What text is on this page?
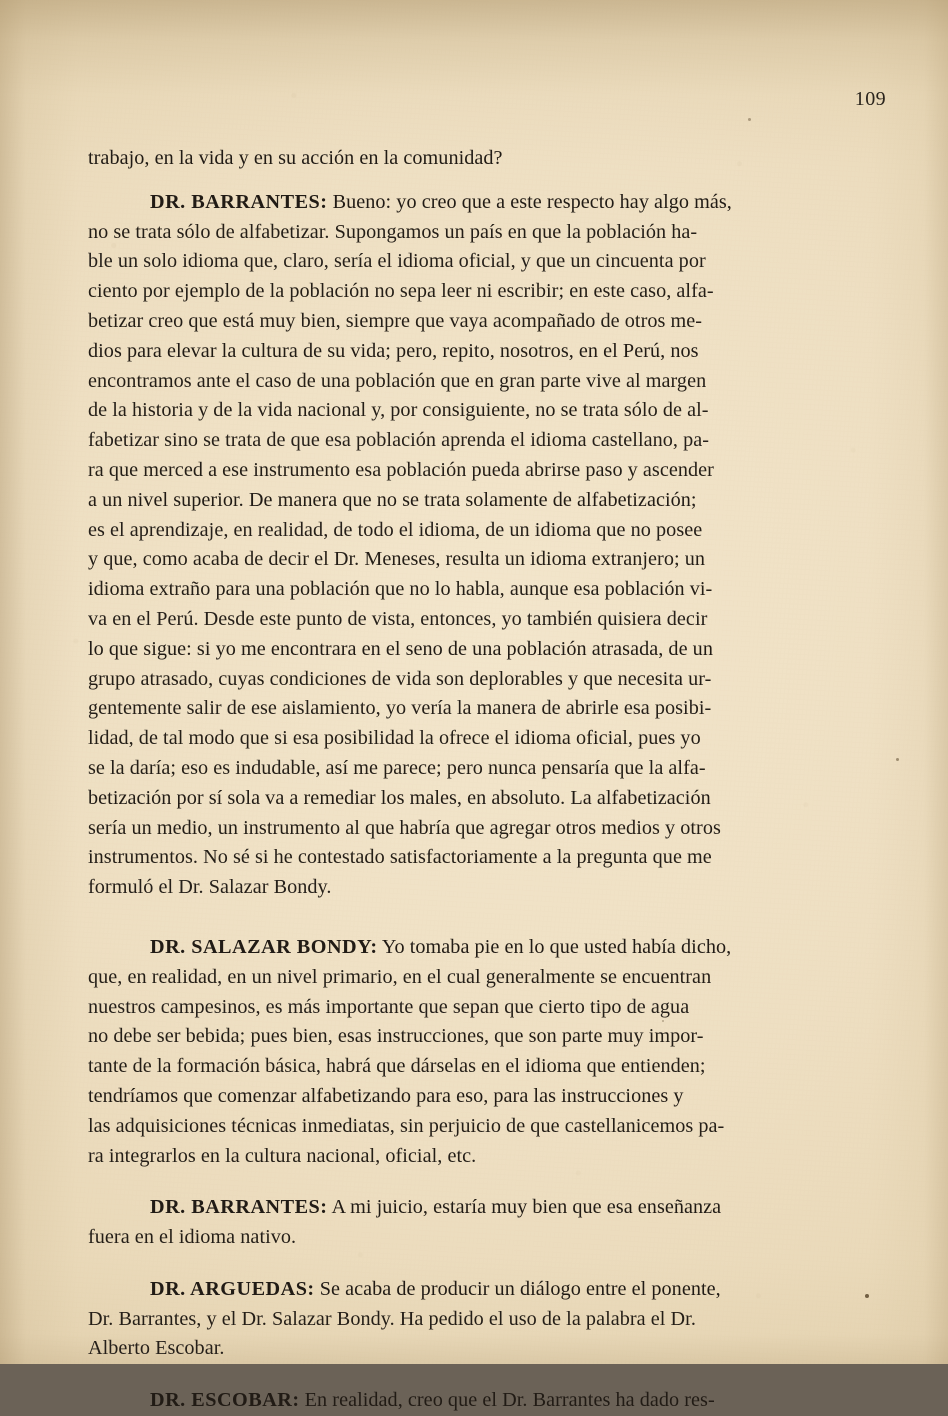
109
trabajo, en la vida y en su acción en la comunidad?
DR. BARRANTES: Bueno: yo creo que a este respecto hay algo más,
no se trata sólo de alfabetizar. Supongamos un país en que la población ha-
ble un solo idioma que, claro, sería el idioma oficial, y que un cincuenta por
ciento por ejemplo de la población no sepa leer ni escribir; en este caso, alfa-
betizar creo que está muy bien, siempre que vaya acompañado de otros me-
dios para elevar la cultura de su vida; pero, repito, nosotros, en el Perú, nos
encontramos ante el caso de una población que en gran parte vive al margen
de la historia y de la vida nacional y, por consiguiente, no se trata sólo de al-
fabetizar sino se trata de que esa población aprenda el idioma castellano, pa-
ra que merced a ese instrumento esa población pueda abrirse paso y ascender
a un nivel superior. De manera que no se trata solamente de alfabetización;
es el aprendizaje, en realidad, de todo el idioma, de un idioma que no posee
y que, como acaba de decir el Dr. Meneses, resulta un idioma extranjero; un
idioma extraño para una población que no lo habla, aunque esa población vi-
va en el Perú. Desde este punto de vista, entonces, yo también quisiera decir
lo que sigue: si yo me encontrara en el seno de una población atrasada, de un
grupo atrasado, cuyas condiciones de vida son deplorables y que necesita ur-
gentemente salir de ese aislamiento, yo vería la manera de abrirle esa posibi-
lidad, de tal modo que si esa posibilidad la ofrece el idioma oficial, pues yo
se la daría; eso es indudable, así me parece; pero nunca pensaría que la alfa-
betización por sí sola va a remediar los males, en absoluto. La alfabetización
sería un medio, un instrumento al que habría que agregar otros medios y otros
instrumentos. No sé si he contestado satisfactoriamente a la pregunta que me
formuló el Dr. Salazar Bondy.
DR. SALAZAR BONDY: Yo tomaba pie en lo que usted había dicho,
que, en realidad, en un nivel primario, en el cual generalmente se encuentran
nuestros campesinos, es más importante que sepan que cierto tipo de agua
no debe ser bebida; pues bien, esas instrucciones, que son parte muy impor-
tante de la formación básica, habrá que dárselas en el idioma que entienden;
tendríamos que comenzar alfabetizando para eso, para las instrucciones y
las adquisiciones técnicas inmediatas, sin perjuicio de que castellanicemos pa-
ra integrarlos en la cultura nacional, oficial, etc.
DR. BARRANTES: A mi juicio, estaría muy bien que esa enseñanza
fuera en el idioma nativo.
DR. ARGUEDAS: Se acaba de producir un diálogo entre el ponente,
Dr. Barrantes, y el Dr. Salazar Bondy. Ha pedido el uso de la palabra el Dr.
Alberto Escobar.
DR. ESCOBAR: En realidad, creo que el Dr. Barrantes ha dado res-
